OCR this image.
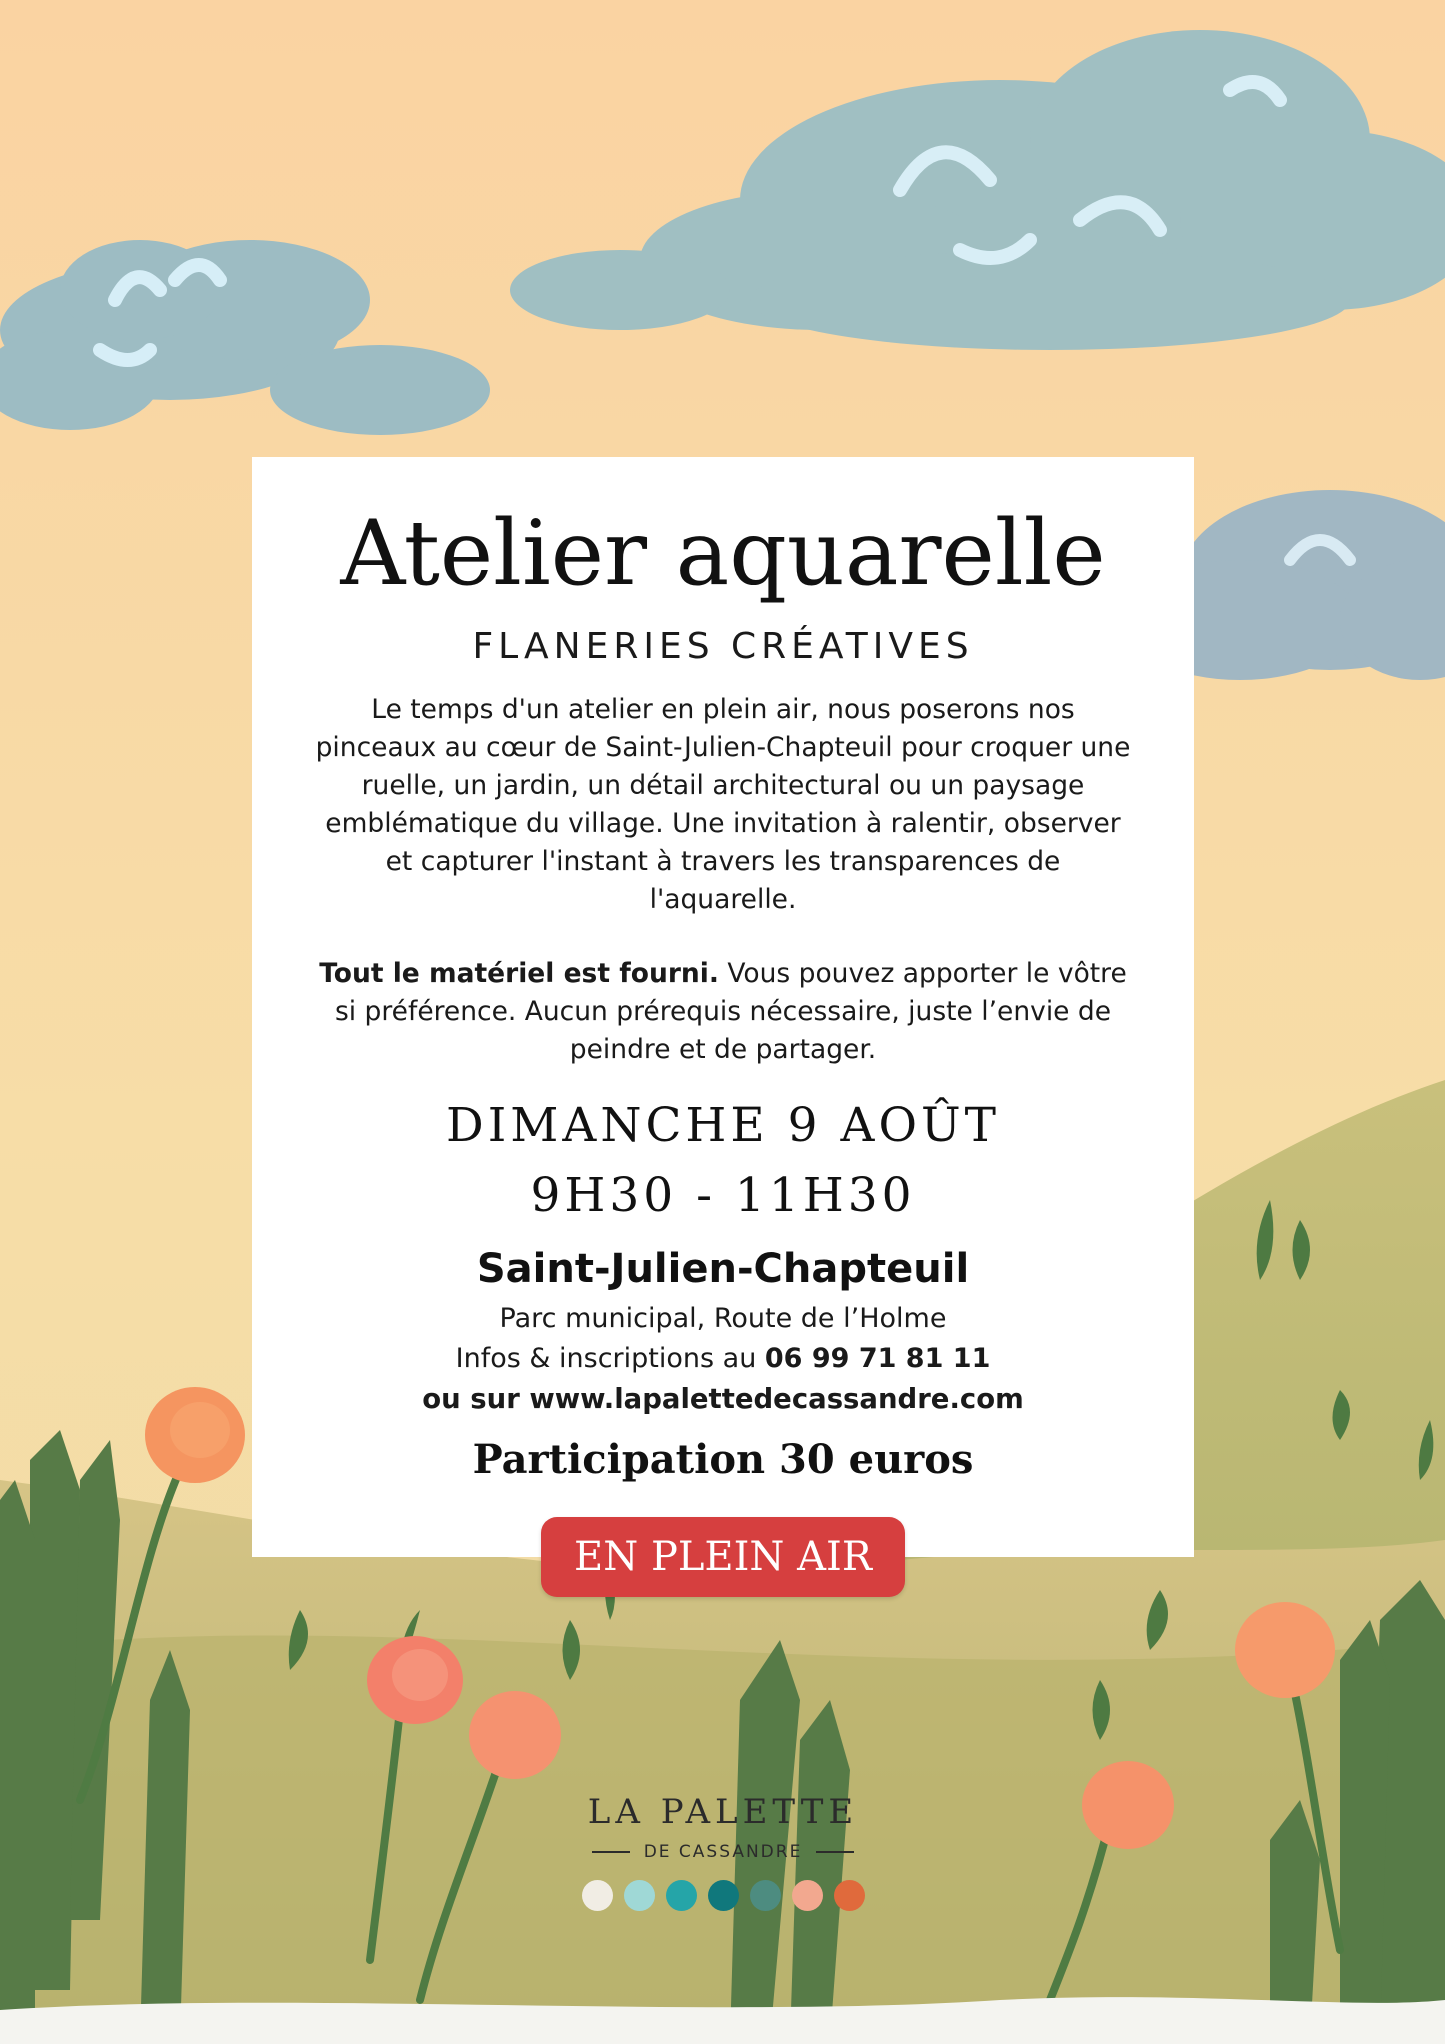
Atelier aquarelle
FLANERIES CRÉATIVES
Le temps d'un atelier en plein air, nous poserons nos pinceaux au cœur de Saint-Julien-Chapteuil pour croquer une ruelle, un jardin, un détail architectural ou un paysage emblématique du village. Une invitation à ralentir, observer et capturer l'instant à travers les transparences de l'aquarelle.
Tout le matériel est fourni. Vous pouvez apporter le vôtre si préférence. Aucun prérequis nécessaire, juste l’envie de peindre et de partager.
DIMANCHE 9 AOÛT
9H30 - 11H30
Saint-Julien-Chapteuil
Parc municipal, Route de l’Holme
Infos & inscriptions au 06 99 71 81 11
ou sur www.lapalettedecassandre.com
Participation 30 euros
EN PLEIN AIR
LA PALETTE
DE CASSANDRE
